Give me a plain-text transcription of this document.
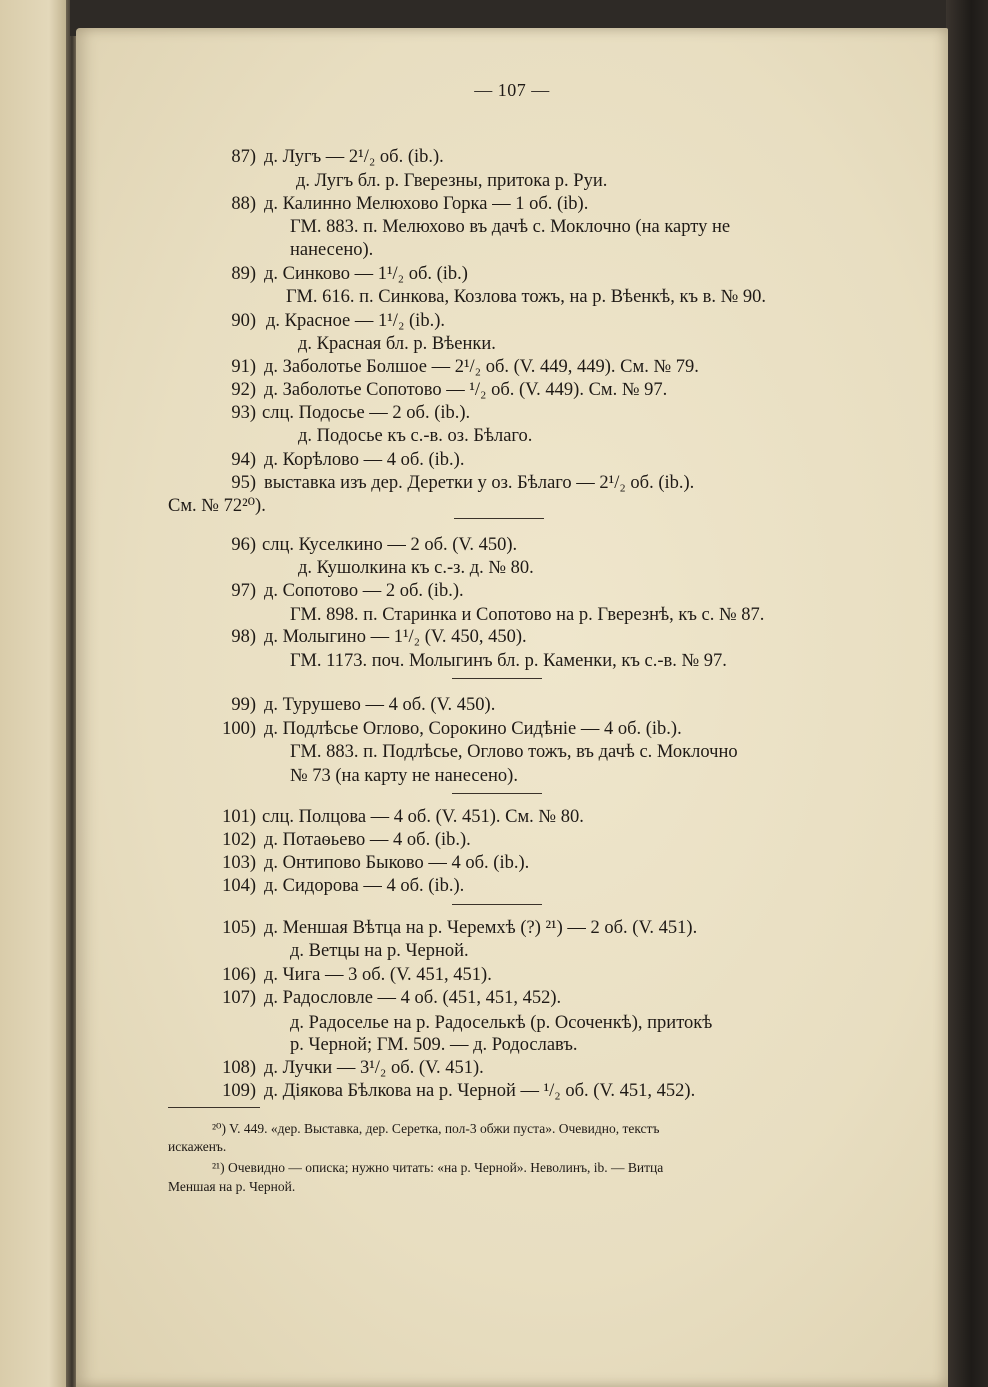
— 107 —
87) д. Лугъ — 2¹/₂ об. (ib.).
д. Лугъ бл. р. Гверезны, притока р. Руи.
88) д. Калинно Мелюхово Горка — 1 об. (ib).
ГМ. 883. п. Мелюхово въ дачѣ с. Моклочно (на карту не
нанесено).
89) д. Синково — 1¹/₂ об. (ib.)
ГМ. 616. п. Синкова, Козлова тожъ, на р. Вѣенкѣ, къ в. № 90.
90) д. Красное — 1¹/₂ (ib.).
д. Красная бл. р. Вѣенки.
91) д. Заболотье Болшое — 2¹/₂ об. (V. 449, 449). См. № 79.
92) д. Заболотье Сопотово — ¹/₂ об. (V. 449). См. № 97.
93) слц. Подосье — 2 об. (ib.).
д. Подосье къ с.-в. оз. Бѣлаго.
94) д. Корѣлово — 4 об. (ib.).
95) выставка изъ дер. Деретки у оз. Бѣлаго — 2¹/₂ об. (ib.).
См. № 72²⁰).
96) слц. Куселкино — 2 об. (V. 450).
д. Кушолкина къ с.-з. д. № 80.
97) д. Сопотово — 2 об. (ib.).
ГМ. 898. п. Старинка и Сопотово на р. Гверезнѣ, къ с. № 87.
98) д. Молыгино — 1¹/₂ (V. 450, 450).
ГМ. 1173. поч. Молыгинъ бл. р. Каменки, къ с.-в. № 97.
99) д. Турушево — 4 об. (V. 450).
100) д. Подлѣсье Оглово, Сорокино Сидѣнiе — 4 об. (ib.).
ГМ. 883. п. Подлѣсье, Оглово тожъ, въ дачѣ с. Моклочно
№ 73 (на карту не нанесено).
101) слц. Полцова — 4 об. (V. 451). См. № 80.
102) д. Потаѳьево — 4 об. (ib.).
103) д. Онтипово Быково — 4 об. (ib.).
104) д. Сидорова — 4 об. (ib.).
105) д. Меншая Вѣтца на р. Черемхѣ (?) ²¹) — 2 об. (V. 451).
д. Ветцы на р. Черной.
106) д. Чига — 3 об. (V. 451, 451).
107) д. Радословле — 4 об. (451, 451, 452).
д. Радоселье на р. Радоселькѣ (р. Осоченкѣ), притокѣ
р. Черной; ГМ. 509. — д. Родославъ.
108) д. Лучки — 3¹/₂ об. (V. 451).
109) д. Дiякова Бѣлкова на р. Черной — ¹/₂ об. (V. 451, 452).
²⁰) V. 449. «дер. Выставка, дер. Серетка, пол-3 обжи пуста». Очевидно, текстъ
искаженъ.
²¹) Очевидно — описка; нужно читать: «на р. Черной». Неволинъ, ib. — Витца
Меншая на р. Черной.
